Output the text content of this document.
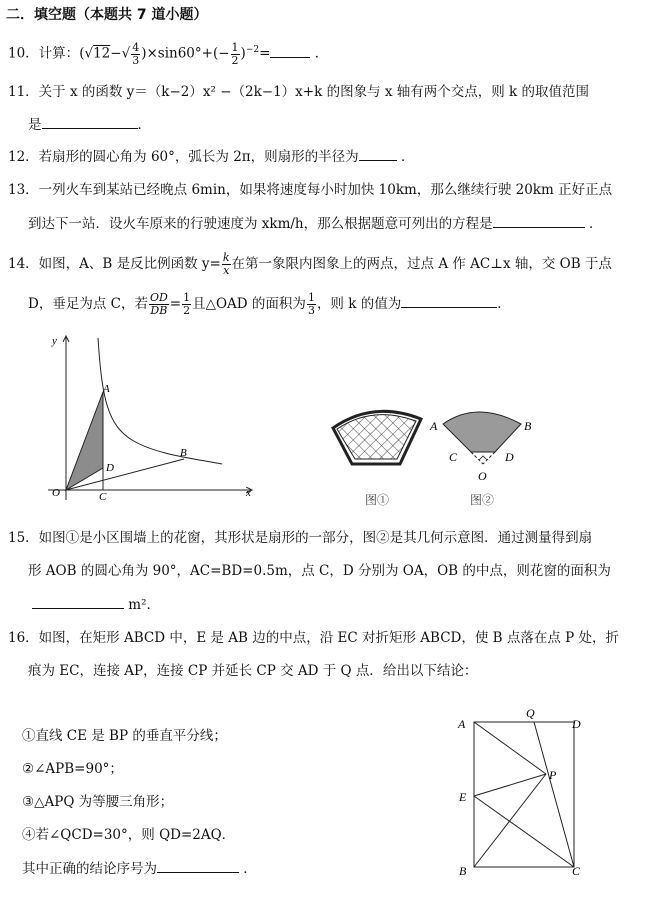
二．填空题（本题共 7 道小题）
10．计算：$(√12-√ \frac{4}{3} )\times\sin 60^\circ+(- \frac{1}{2} )^{-2}=$	．
11．关于 x 的函数 y＝（k−2）x² −（2k−1）x+k 的图象与 x 轴有两个交点，则 k 的取值范围
是	．
12．若扇形的圆心角为 60°，弧长为 2π，则扇形的半径为	．
13．一列火车到某站已经晚点 6min，如果将速度每小时加快 10km，那么继续行驶 20km 正好正点
到达下一站．设火车原来的行驶速度为 xkm/h，那么根据题意可列出的方程是	．
14．如图，A、B 是反比例函数 $y= \frac{k}{x}$ 在第一象限内图象上的两点，过点 A 作 AC⊥x 轴，交 OB 于点
D，垂足为点 C，若 $\frac{OD}{DB} = \frac{1}{2}$ 且△OAD 的面积为 $\frac{1}{3}$ ，则 k 的值为	．
y
x
A
B
D
O	C	图①
A	B
C	D
O
图②
15．如图①是小区围墙上的花窗，其形状是扇形的一部分，图②是其几何示意图．通过测量得到扇
形 AOB 的圆心角为 90°，AC=BD=0.5m，点 C，D 分别为 OA，OB 的中点，则花窗的面积为
m²．
16．如图，在矩形 ABCD 中，E 是 AB 边的中点，沿 EC 对折矩形 ABCD，使 B 点落在点 P 处，折
痕为 EC，连接 AP，连接 CP 并延长 CP 交 AD 于 Q 点．给出以下结论：
①直线 CE 是 BP 的垂直平分线；
②∠APB=90°；
③△APQ 为等腰三角形；
④若∠QCD=30°，则 QD=2AQ．
其中正确的结论序号为	．
A
Q
D
P
E
B	C
